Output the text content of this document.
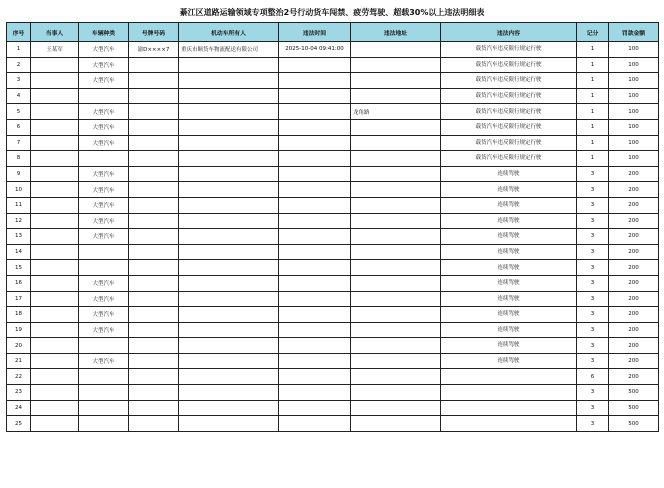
綦江区道路运输领域专项整治2号行动货车闯禁、疲劳驾驶、超载30%以上违法明细表
序号	当事人	车辆种类	号牌号码	机动车所有人	违法时间	违法地址	违法内容	记分	罚款金额
1	王某军	大型汽车	渝D××××7	重庆市顺货车物流配送有限公司	2025-10-04 09:41:00		载货汽车违反限行规定行驶	1	100
2		大型汽车					载货汽车违反限行规定行驶	1	100
3		大型汽车					载货汽车违反限行规定行驶	1	100
4							载货汽车违反限行规定行驶	1	100
5		大型汽车				龙角路	载货汽车违反限行规定行驶	1	100
6		大型汽车					载货汽车违反限行规定行驶	1	100
7		大型汽车					载货汽车违反限行规定行驶	1	100
8							载货汽车违反限行规定行驶	1	100
9		大型汽车					连续驾驶	3	200
10		大型汽车					连续驾驶	3	200
11		大型汽车					连续驾驶	3	200
12		大型汽车					连续驾驶	3	200
13		大型汽车					连续驾驶	3	200
14							连续驾驶	3	200
15							连续驾驶	3	200
16		大型汽车					连续驾驶	3	200
17		大型汽车					连续驾驶	3	200
18		大型汽车					连续驾驶	3	200
19		大型汽车					连续驾驶	3	200
20							连续驾驶	3	200
21		大型汽车					连续驾驶	3	200
22								6	200
23								3	500
24								3	500
25								3	500
